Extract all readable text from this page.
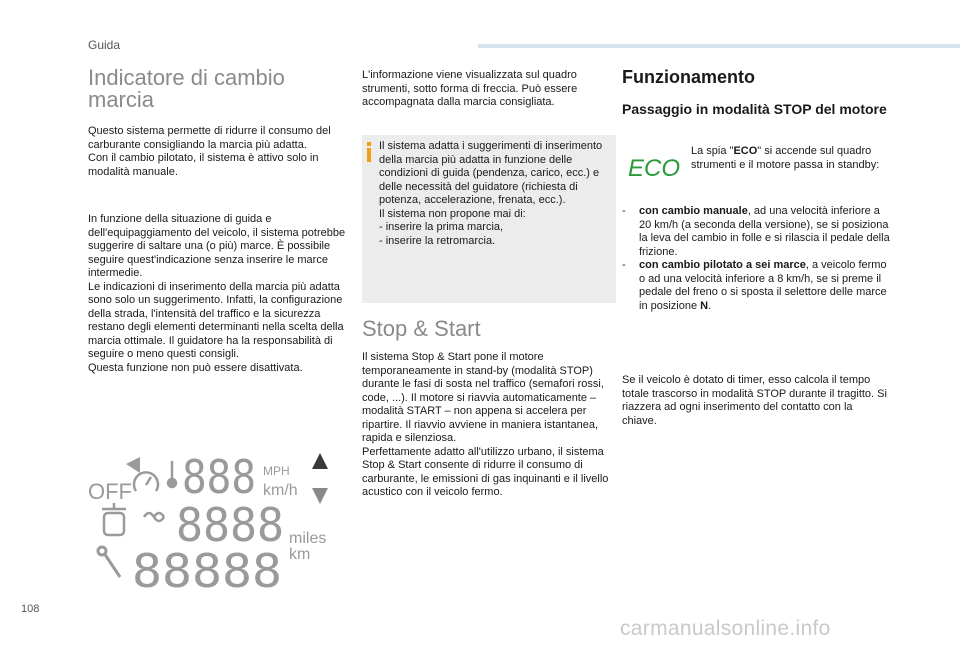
Guida
Indicatore di cambio marcia

Questo sistema permette di ridurre il consumo del carburante consigliando la marcia più adatta.
Con il cambio pilotato, il sistema è attivo solo in modalità manuale.

In funzione della situazione di guida e dell'equipaggiamento del veicolo, il sistema potrebbe suggerire di saltare una (o più) marce. È possibile seguire quest'indicazione senza inserire le marce intermedie.
Le indicazioni di inserimento della marcia più adatta sono solo un suggerimento. Infatti, la configurazione della strada, l'intensità del traffico e la sicurezza restano degli elementi determinanti nella scelta della marcia ottimale. Il guidatore ha la responsabilità di seguire o meno questi consigli.
Questa funzione non può essere disattivata.

OFF 888 MPH
km/h
8888 miles
km
88888

L'informazione viene visualizzata sul quadro strumenti, sotto forma di freccia. Può essere accompagnata dalla marcia consigliata.

Il sistema adatta i suggerimenti di inserimento della marcia più adatta in funzione delle condizioni di guida (pendenza, carico, ecc.) e delle necessità del guidatore (richiesta di potenza, accelerazione, frenata, ecc.).
Il sistema non propone mai di:
- inserire la prima marcia,
- inserire la retromarcia.
Stop & Start

Il sistema Stop & Start pone il motore temporaneamente in stand-by (modalità STOP) durante le fasi di sosta nel traffico (semafori rossi, code, ...). Il motore si riavvia automaticamente – modalità START – non appena si accelera per ripartire. Il riavvio avviene in maniera istantanea, rapida e silenziosa.
Perfettamente adatto all'utilizzo urbano, il sistema Stop & Start consente di ridurre il consumo di carburante, le emissioni di gas inquinanti e il livello acustico con il veicolo fermo.

Funzionamento
Passaggio in modalità STOP del motore
ECO

La spia "ECO" si accende sul quadro strumenti e il motore passa in standby:

- con cambio manuale, ad una velocità inferiore a 20 km/h (a seconda della versione), se si posiziona la leva del cambio in folle e si rilascia il pedale della frizione.
- con cambio pilotato a sei marce, a veicolo fermo o ad una velocità inferiore a 8 km/h, se si preme il pedale del freno o si sposta il selettore delle marce in posizione N.

Se il veicolo è dotato di timer, esso calcola il tempo totale trascorso in modalità STOP durante il tragitto. Si riazzera ad ogni inserimento del contatto con la chiave.

108
carmanualsonline.info
